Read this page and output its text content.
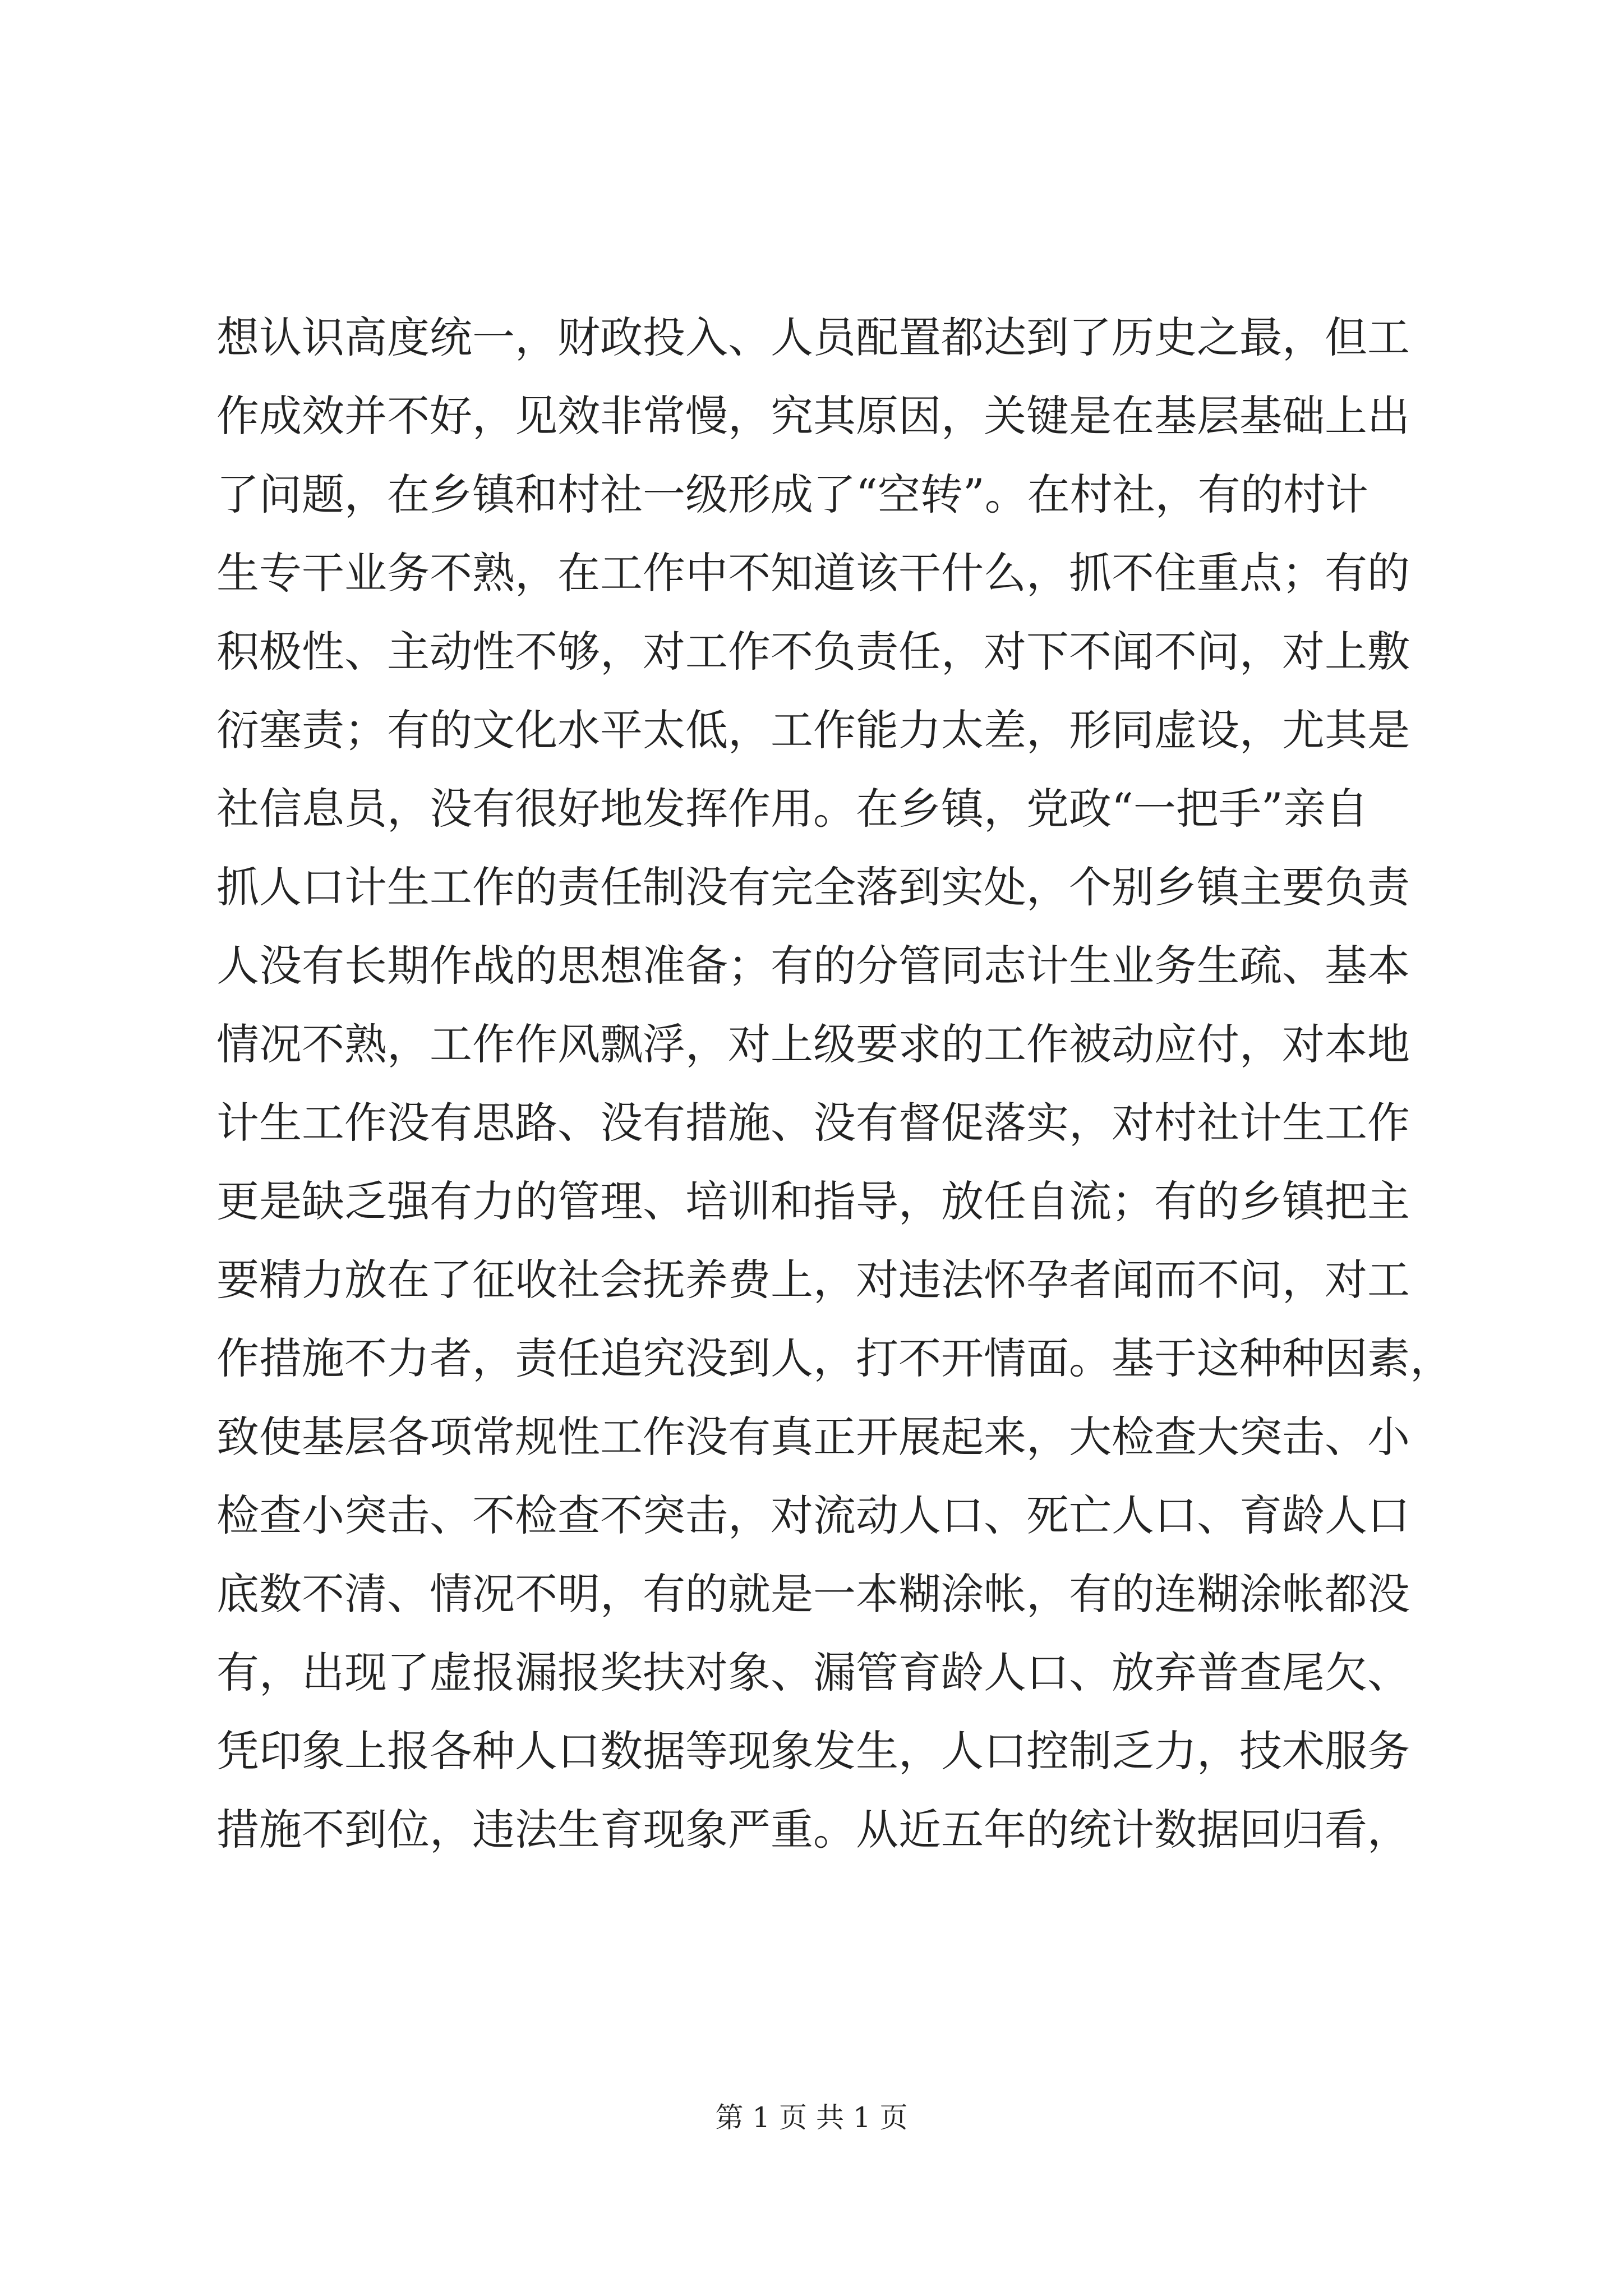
想认识高度统一，财政投入、人员配置都达到了历史之最，但工
作成效并不好，见效非常慢，究其原因，关键是在基层基础上出
了问题，在乡镇和村社一级形成了“空转”。在村社，有的村计
生专干业务不熟，在工作中不知道该干什么，抓不住重点；有的
积极性、主动性不够，对工作不负责任，对下不闻不问，对上敷
衍塞责；有的文化水平太低，工作能力太差，形同虚设，尤其是
社信息员，没有很好地发挥作用。在乡镇，党政“一把手”亲自
抓人口计生工作的责任制没有完全落到实处，个别乡镇主要负责
人没有长期作战的思想准备；有的分管同志计生业务生疏、基本
情况不熟，工作作风飘浮，对上级要求的工作被动应付，对本地
计生工作没有思路、没有措施、没有督促落实，对村社计生工作
更是缺乏强有力的管理、培训和指导，放任自流；有的乡镇把主
要精力放在了征收社会抚养费上，对违法怀孕者闻而不问，对工
作措施不力者，责任追究没到人，打不开情面。基于这种种因素，
致使基层各项常规性工作没有真正开展起来，大检查大突击、小
检查小突击、不检查不突击，对流动人口、死亡人口、育龄人口
底数不清、情况不明，有的就是一本糊涂帐，有的连糊涂帐都没
有，出现了虚报漏报奖扶对象、漏管育龄人口、放弃普查尾欠、
凭印象上报各种人口数据等现象发生，人口控制乏力，技术服务
措施不到位，违法生育现象严重。从近五年的统计数据回归看，
第 1 页 共 1 页
